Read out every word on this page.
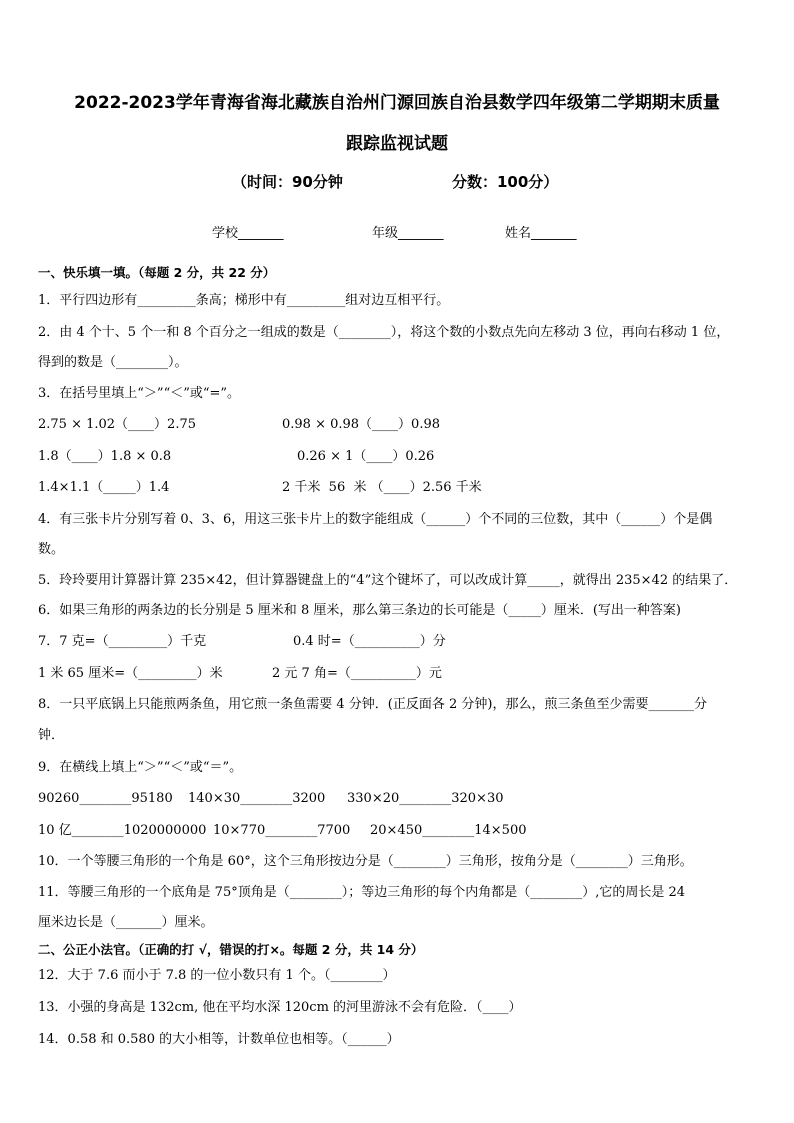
2022-2023学年青海省海北藏族自治州门源回族自治县数学四年级第二学期期末质量
跟踪监视试题
（时间：90分钟	分数：100分）
学校_______	年级_______	姓名_______
一、快乐填一填。（每题 2 分，共 22 分）
1．平行四边形有_________条高；梯形中有_________组对边互相平行。
2．由 4 个十、5 个一和 8 个百分之一组成的数是（________），将这个数的小数点先向左移动 3 位，再向右移动 1 位，
得到的数是（________）。
3．在括号里填上“＞”“＜”或“=”。
2.75 × 1.02（____）2.75	0.98 × 0.98（____）0.98
1.8（____）1.8 × 0.8	0.26 × 1（____）0.26
1.4×1.1（_____）1.4	2 千米  56  米 （____）2.56 千米
4．有三张卡片分别写着 0、3、6，用这三张卡片上的数字能组成（______）个不同的三位数，其中（______）个是偶
数。
5．玲玲要用计算器计算 235×42，但计算器键盘上的“4”这个键坏了，可以改成计算_____，就得出 235×42 的结果了．
6．如果三角形的两条边的长分别是 5 厘米和 8 厘米，那么第三条边的长可能是（_____）厘米．(写出一种答案)
7．7 克=（_________）千克	0.4 时=（__________）分
1 米 65 厘米=（_________）米	2 元 7 角=（__________）元
8．一只平底锅上只能煎两条鱼，用它煎一条鱼需要 4 分钟．(正反面各 2 分钟)，那么，煎三条鱼至少需要_______分
钟．
9．在横线上填上“＞”“＜”或“＝”。
90260________95180 140×30________3200 330×20________320×30
10 亿________1020000000 10×770________7700 20×450________14×500
10．一个等腰三角形的一个角是 60°，这个三角形按边分是（________）三角形，按角分是（________）三角形。
11．等腰三角形的一个底角是 75°顶角是（________）；等边三角形的每个内角都是（________）,它的周长是 24
厘米边长是（_______）厘米。
二、公正小法官。（正确的打 √，错误的打×。每题 2 分，共 14 分）
12．大于 7.6 而小于 7.8 的一位小数只有 1 个。（________）
13．小强的身高是 132cm, 他在平均水深 120cm 的河里游泳不会有危险．（____）
14．0.58 和 0.580 的大小相等，计数单位也相等。（______）
